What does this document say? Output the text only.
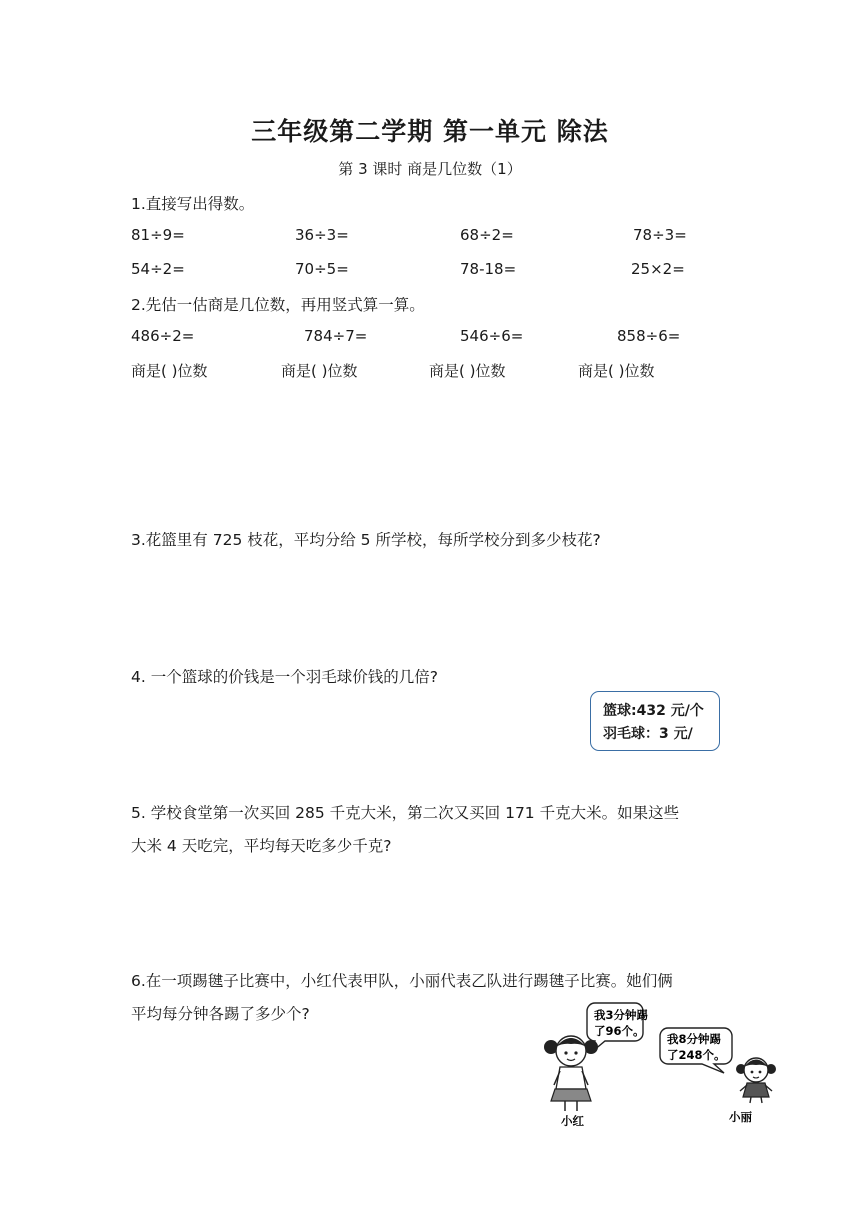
三年级第二学期 第一单元 除法
第 3 课时 商是几位数（1）
1.直接写出得数。
81÷9=	36÷3=	68÷2=	78÷3=
54÷2=	70÷5=	78-18=	25×2=
2.先估一估商是几位数，再用竖式算一算。
486÷2=	784÷7=	546÷6=	858÷6=
商是( )位数	商是( )位数	商是( )位数	商是( )位数
3.花篮里有 725 枝花，平均分给 5 所学校，每所学校分到多少枝花?
4. 一个篮球的价钱是一个羽毛球价钱的几倍?
篮球:432 元/个
羽毛球：3 元/
5. 学校食堂第一次买回 285 千克大米，第二次又买回 171 千克大米。如果这些
大米 4 天吃完，平均每天吃多少千克?
6.在一项踢毽子比赛中，小红代表甲队，小丽代表乙队进行踢毽子比赛。她们俩
平均每分钟各踢了多少个?	我3分钟踢
了96个。
我8分钟踢
了248个。
小红	小丽
